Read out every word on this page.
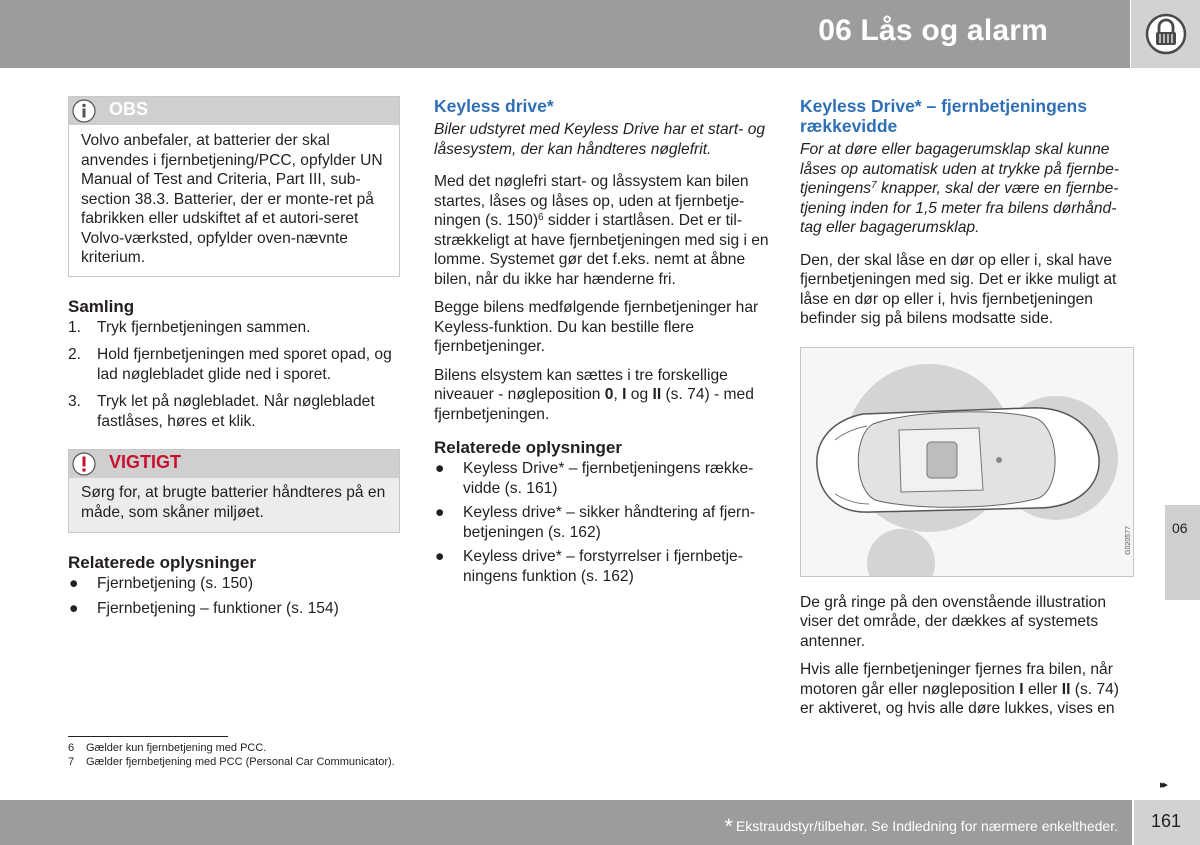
06 Lås og alarm
OBS
Volvo anbefaler, at batterier der skal anvendes i fjernbetjening/PCC, opfylder UN Manual of Test and Criteria, Part III, sub-section 38.3. Batterier, der er monte-ret på fabrikken eller udskiftet af et autori-seret Volvo-værksted, opfylder oven-nævnte kriterium.
Samling
1. Tryk fjernbetjeningen sammen.
2. Hold fjernbetjeningen med sporet opad, og lad nøglebladet glide ned i sporet.
3. Tryk let på nøglebladet. Når nøglebladet fastlåses, høres et klik.
VIGTIGT
Sørg for, at brugte batterier håndteres på en måde, som skåner miljøet.
Relaterede oplysninger
● Fjernbetjening (s. 150)
● Fjernbetjening – funktioner (s. 154)
Keyless drive*

Biler udstyret med Keyless Drive har et start- og låsesystem, der kan håndteres nøglefrit.

Med det nøglefri start- og låssystem kan bilen startes, låses og låses op, uden at fjernbetje-ningen (s. 150)$^6$ sidder i startlåsen. Det er til-strækkeligt at have fjernbetjeningen med sig i en lomme. Systemet gør det f.eks. nemt at åbne bilen, når du ikke har hænderne fri.

Begge bilens medfølgende fjernbetjeninger har Keyless-funktion. Du kan bestille flere fjernbetjeninger.

Bilens elsystem kan sættes i tre forskellige niveauer - nøgleposition 0, I og II (s. 74) - med fjernbetjeningen.

Relaterede oplysninger
● Keyless Drive* – fjernbetjeningens række-vidde (s. 161)
● Keyless drive* – sikker håndtering af fjern-betjeningen (s. 162)
● Keyless drive* – forstyrrelser i fjernbetje-ningens funktion (s. 162)
Keyless Drive* – fjernbetjeningens rækkevidde

For at døre eller bagagerumsklap skal kunne låses op automatisk uden at trykke på fjernbe-tjeningens$^7$ knapper, skal der være en fjernbe-tjening inden for 1,5 meter fra bilens dørhånd-tag eller bagagerumsklap.

Den, der skal låse en dør op eller i, skal have fjernbetjeningen med sig. Det er ikke muligt at låse en dør op eller i, hvis fjernbetjeningen befinder sig på bilens modsatte side.

G020577

De grå ringe på den ovenstående illustration viser det område, der dækkes af systemets antenner.

Hvis alle fjernbetjeninger fjernes fra bilen, når motoren går eller nøgleposition I eller II (s. 74) er aktiveret, og hvis alle døre lukkes, vises en

6 Gælder kun fjernbetjening med PCC.
7 Gælder fjernbetjening med PCC (Personal Car Communicator).
06
▸▸
* Ekstraudstyr/tilbehør. Se Indledning for nærmere enkeltheder. 161
